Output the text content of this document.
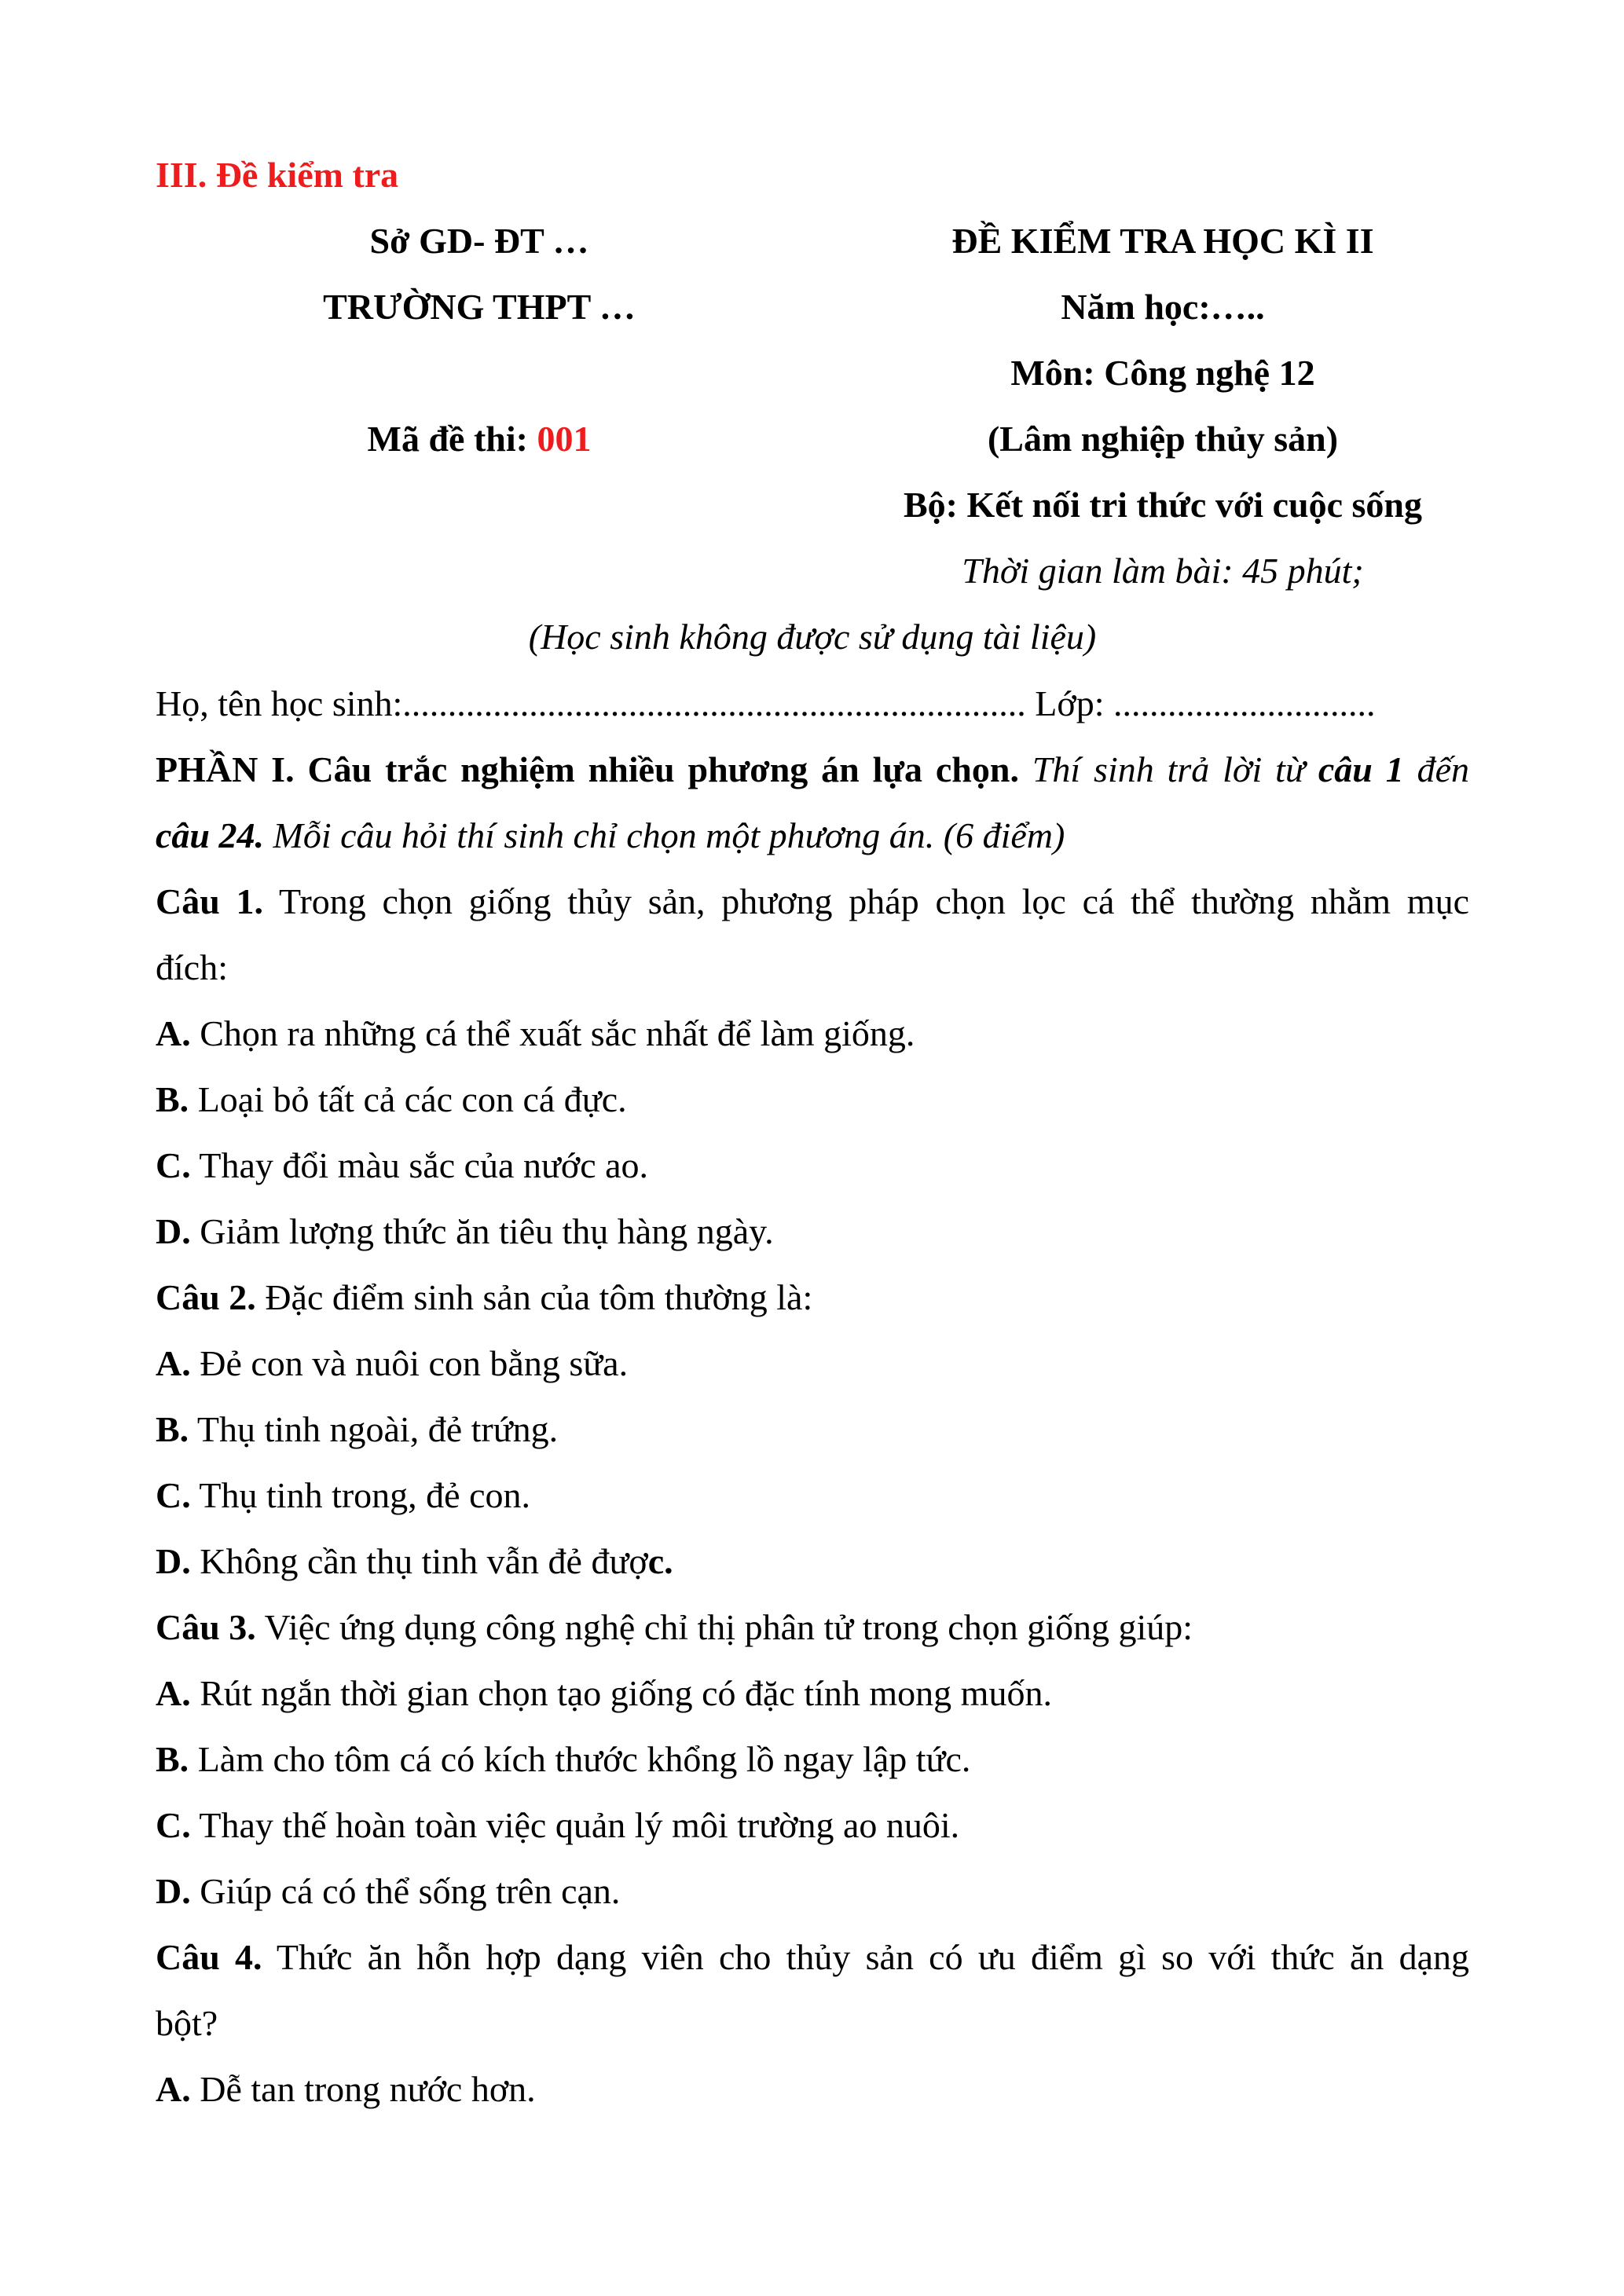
III. Đề kiểm tra
Sở GD- ĐT …
TRƯỜNG THPT …
Mã đề thi: 001
ĐỀ KIỂM TRA HỌC KÌ II
Năm học:…..
Môn: Công nghệ 12
(Lâm nghiệp thủy sản)
Bộ: Kết nối tri thức với cuộc sống
Thời gian làm bài: 45 phút;
(Học sinh không được sử dụng tài liệu)
Họ, tên học sinh:..................................................................... Lớp: .............................
PHẦN I. Câu trắc nghiệm nhiều phương án lựa chọn. Thí sinh trả lời từ câu 1 đến
câu 24. Mỗi câu hỏi thí sinh chỉ chọn một phương án. (6 điểm)
Câu 1. Trong chọn giống thủy sản, phương pháp chọn lọc cá thể thường nhằm mục
đích:
A. Chọn ra những cá thể xuất sắc nhất để làm giống.
B. Loại bỏ tất cả các con cá đực.
C. Thay đổi màu sắc của nước ao.
D. Giảm lượng thức ăn tiêu thụ hàng ngày.
Câu 2. Đặc điểm sinh sản của tôm thường là:
A. Đẻ con và nuôi con bằng sữa.
B. Thụ tinh ngoài, đẻ trứng.
C. Thụ tinh trong, đẻ con.
D. Không cần thụ tinh vẫn đẻ được.
Câu 3. Việc ứng dụng công nghệ chỉ thị phân tử trong chọn giống giúp:
A. Rút ngắn thời gian chọn tạo giống có đặc tính mong muốn.
B. Làm cho tôm cá có kích thước khổng lồ ngay lập tức.
C. Thay thế hoàn toàn việc quản lý môi trường ao nuôi.
D. Giúp cá có thể sống trên cạn.
Câu 4. Thức ăn hỗn hợp dạng viên cho thủy sản có ưu điểm gì so với thức ăn dạng
bột?
A. Dễ tan trong nước hơn.
